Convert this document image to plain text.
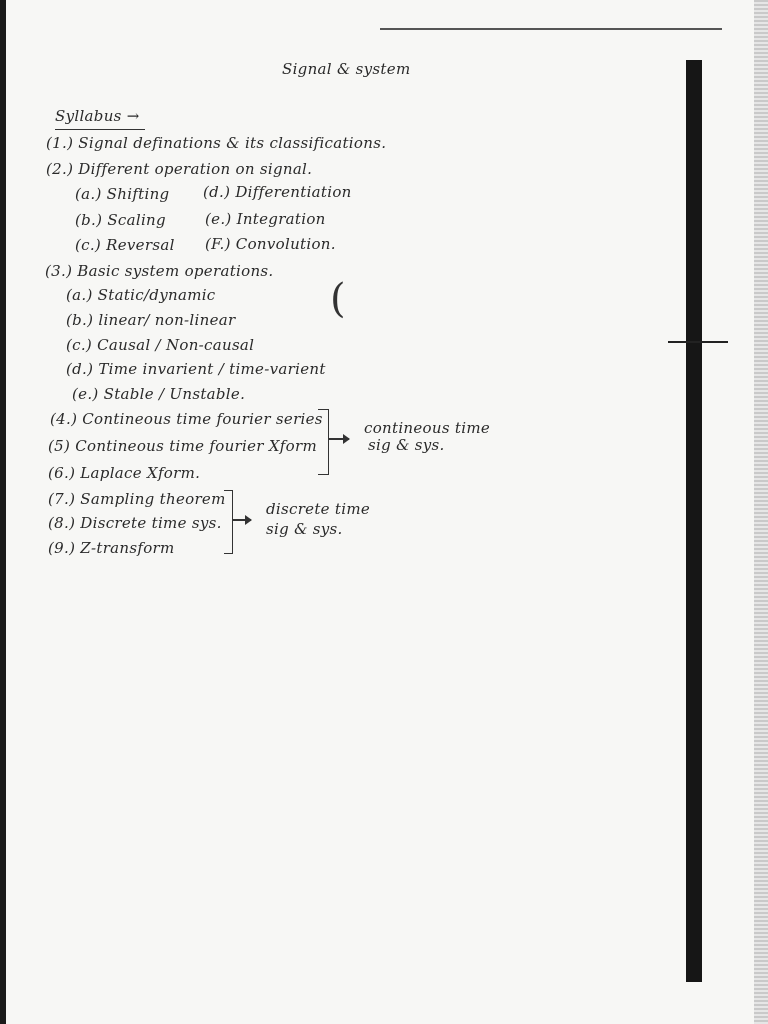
Signal & system
Syllabus →
(1.) Signal definations & its classifications.
(2.) Different operation on signal.
(a.) Shifting (d.) Differentiation
(b.) Scaling	(e.) Integration
(c.) Reversal (F.) Convolution.
(3.) Basic system operations.
(a.) Static/dynamic
(b.) linear/ non-linear
(c.) Causal / Non-causal
(d.) Time invarient / time-varient
(e.) Stable / Unstable.
(
(4.) Contineous time fourier series
(5) Contineous time fourier Xform
(6.) Laplace Xform.
contineous time
sig & sys.
(7.) Sampling theorem
(8.) Discrete time sys.
(9.) Z-transform
discrete time
sig & sys.
